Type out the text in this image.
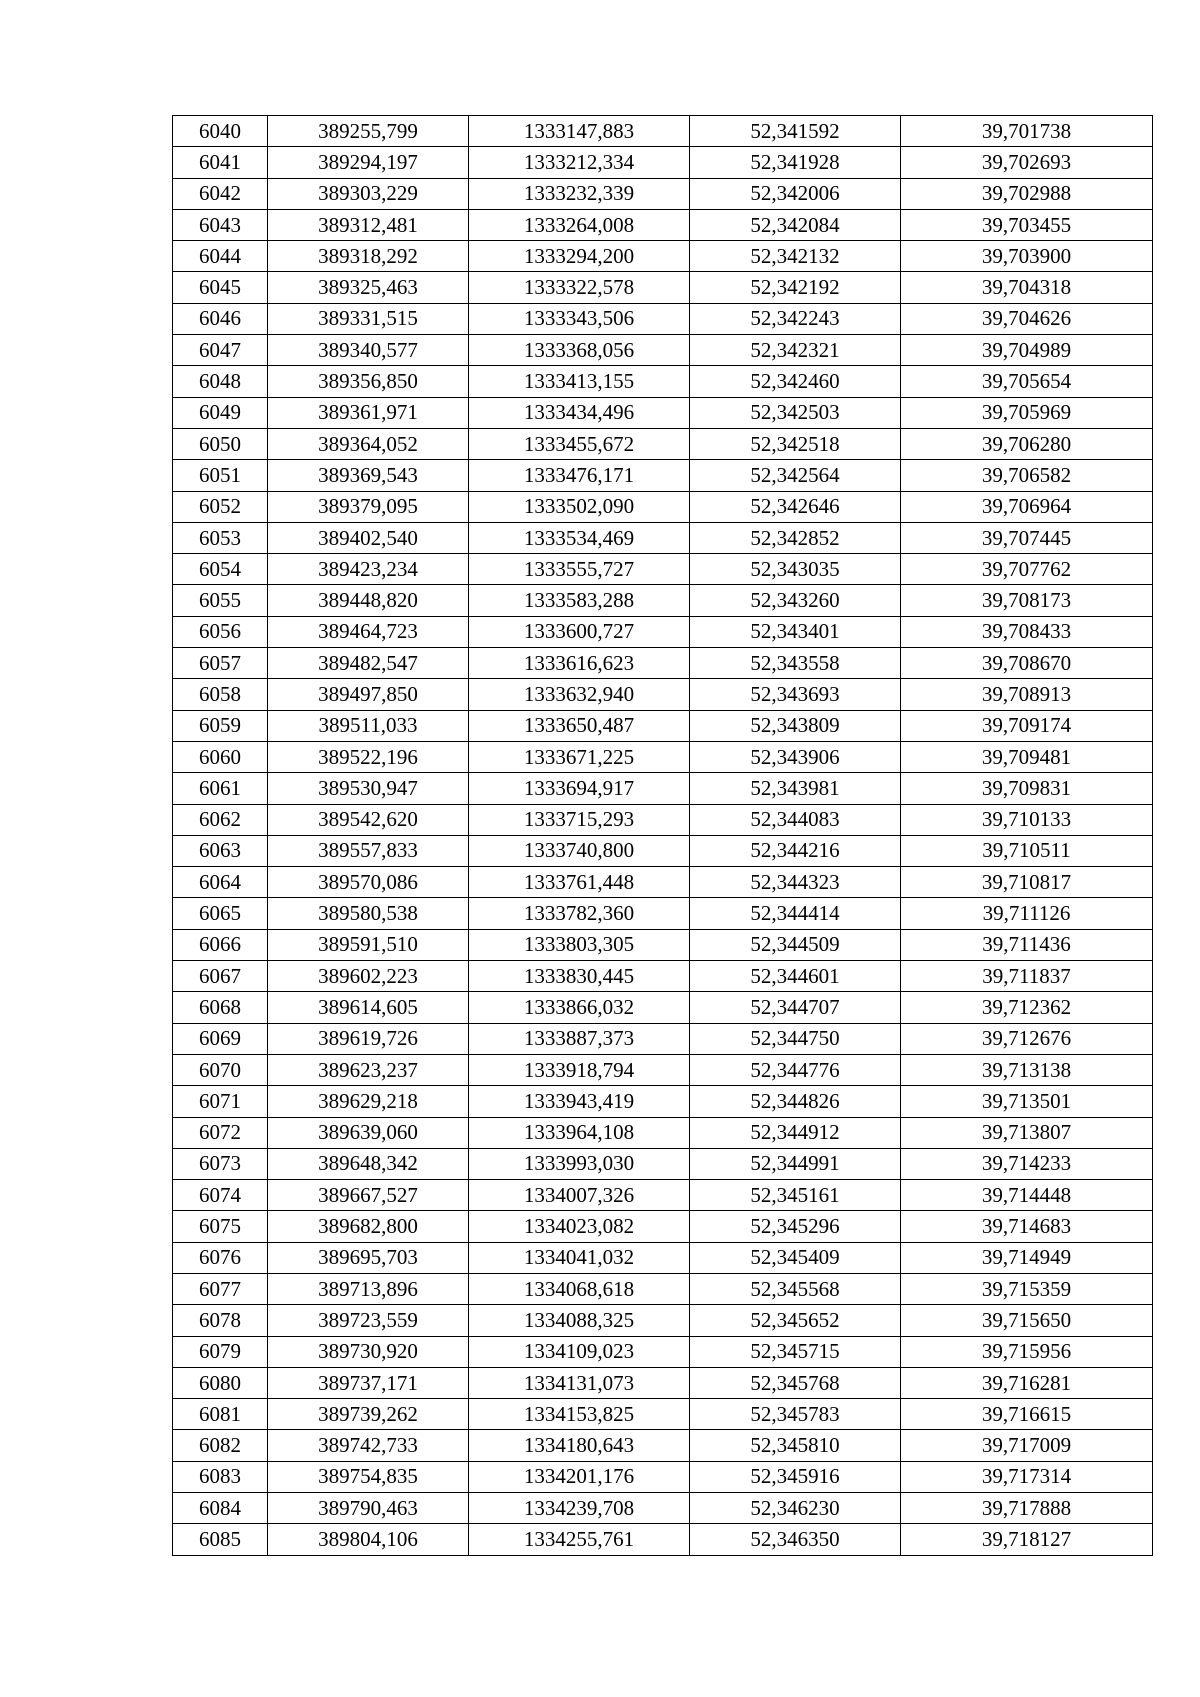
6040	389255,799	1333147,883	52,341592	39,701738
6041	389294,197	1333212,334	52,341928	39,702693
6042	389303,229	1333232,339	52,342006	39,702988
6043	389312,481	1333264,008	52,342084	39,703455
6044	389318,292	1333294,200	52,342132	39,703900
6045	389325,463	1333322,578	52,342192	39,704318
6046	389331,515	1333343,506	52,342243	39,704626
6047	389340,577	1333368,056	52,342321	39,704989
6048	389356,850	1333413,155	52,342460	39,705654
6049	389361,971	1333434,496	52,342503	39,705969
6050	389364,052	1333455,672	52,342518	39,706280
6051	389369,543	1333476,171	52,342564	39,706582
6052	389379,095	1333502,090	52,342646	39,706964
6053	389402,540	1333534,469	52,342852	39,707445
6054	389423,234	1333555,727	52,343035	39,707762
6055	389448,820	1333583,288	52,343260	39,708173
6056	389464,723	1333600,727	52,343401	39,708433
6057	389482,547	1333616,623	52,343558	39,708670
6058	389497,850	1333632,940	52,343693	39,708913
6059	389511,033	1333650,487	52,343809	39,709174
6060	389522,196	1333671,225	52,343906	39,709481
6061	389530,947	1333694,917	52,343981	39,709831
6062	389542,620	1333715,293	52,344083	39,710133
6063	389557,833	1333740,800	52,344216	39,710511
6064	389570,086	1333761,448	52,344323	39,710817
6065	389580,538	1333782,360	52,344414	39,711126
6066	389591,510	1333803,305	52,344509	39,711436
6067	389602,223	1333830,445	52,344601	39,711837
6068	389614,605	1333866,032	52,344707	39,712362
6069	389619,726	1333887,373	52,344750	39,712676
6070	389623,237	1333918,794	52,344776	39,713138
6071	389629,218	1333943,419	52,344826	39,713501
6072	389639,060	1333964,108	52,344912	39,713807
6073	389648,342	1333993,030	52,344991	39,714233
6074	389667,527	1334007,326	52,345161	39,714448
6075	389682,800	1334023,082	52,345296	39,714683
6076	389695,703	1334041,032	52,345409	39,714949
6077	389713,896	1334068,618	52,345568	39,715359
6078	389723,559	1334088,325	52,345652	39,715650
6079	389730,920	1334109,023	52,345715	39,715956
6080	389737,171	1334131,073	52,345768	39,716281
6081	389739,262	1334153,825	52,345783	39,716615
6082	389742,733	1334180,643	52,345810	39,717009
6083	389754,835	1334201,176	52,345916	39,717314
6084	389790,463	1334239,708	52,346230	39,717888
6085	389804,106	1334255,761	52,346350	39,718127
